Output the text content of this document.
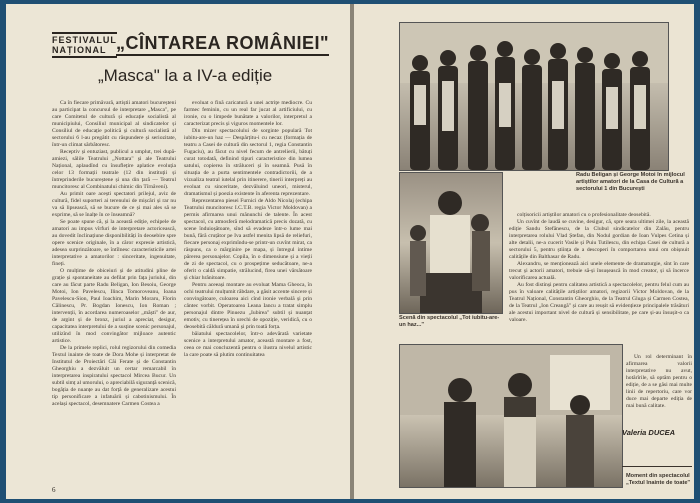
FESTIVALUL
NAȚIONAL „CÎNTAREA ROMÂNIEI"
„Masca" la a IV-a ediție

Ca în fiecare primăvară, artiștii amatori bucureșteni au participat la concursul de interpretare „Masca", pe care Comitetul de cultură și educație socialistă al municipiului, Consiliul municipal al sindicatelor și Consiliul de educație politică și cultură socialistă al sectorului 6 l-au pregătit cu răspundere și seriozitate, într-un climat sărbătoresc.

Receptiv și entuziast, publicul a umplut, trei după-amiezi, sălile Teatrului „Nottara" și ale Teatrului Național, aplaudînd cu însuflețire aplatice evoluția celor 13 formații teatrale (12 din instituții și întreprinderile bucureștene și una din țară — Teatrul muncitoresc al Combinatului chimic din Tîrnăveni).

Au primit oare acești spectatori prilejul, aviz de cultură, fidel suporteri ai terenului de mișcări și rar nu va să lipsească, să se bucure de ce și mai ales să se exprime, să se înalțe în ce înseamnă?

Se poate spune că, și la această ediție, echipele de amatori au impus vîrfuri de interpretare actoricească, au dovedit înclinațiune disponibilități în deosebire spre opere scenice originale, în a căror expresie artistică, adesea surprinzătoare, se întîlnesc caracteristicile artei interpretative a amatorilor : sinceritate, ingenuitate, fineți.

O mulțime de obiceiuri și de atitudini pline de grație și spontaneitate au defilat prin fața juriului, din care au făcut parte Radu Beligan, Ion Besoiu, George Motoi, Ion Pavelescu, Ilinca Tomoroveanu, Ioana Pavelescu-Sion, Paul Ioachim, Marin Moraru, Florin Călinescu, Pr. Bogdan Ionescu, Ion Roman ; intervenții, în acordarea numeroaselor „măști" de aur, de argint și de bronz, juriul a apreciat, desigur, capacitatea interpretului de a susține scenic personajul, utilizînd în mod convingător mijloace autentic artistice.

De la primele replici, rolul regizorului din comedia Textul inainte de toate de Dora Mohe și interpretat de Institutul de Proiectări Căi Ferate și de Constantin Gheorghiu a dezvăluit un certar remarcabil în interpretarea inspiratului spectacol Mircea Bucur. Un subtil simț al umorului, o apreciabilă siguranță scenică, bogăția de nuanțe au dat forță de generalizare acestui tip personificare a infatuării și cabotinismului. În același spectacol, desemnatere Carmen Costea a

evoluat o fină caricatură a unei actrițe mediocre. Cu farmec feminin, cu un real far jucat al artificiului, cu ironie, cu o limpede bunătate a valorilor, interpretul a caracterizat precis și viguros momentele lor.

Din mizer spectacolului de sorginte populară Tot iubitu-are-un haz — Despărțitu-i cu necaz (formația de teatru a Casei de cultură din sectorul 1, regia Constantin Fugaciu), au făcut cu nivel fecum de antrelierii, bătuți curat totodată, definind tipuri caracteristice din lumea satului, copierea în străluceri și în seamnă. Pusă în situația de a purta sentimentele contradictoriii, de a vizualiza teatral iutelal prin itinerere, tinerii interpreți au evoluat cu sinceritate, dezvăluind uneori, misterul, dramatismul și poezia existente în aferenta reprezentare.

Reprezentarea piesei Furnici de Aldo Nicolaj (echipa Teatrului muncitoresc I.C.T.B. regia Victor Moldovan) a permis afirmarea unui mănunchi de talente. În acest spectacol, cu atmosferă melodramatică precis dozată, cu scene înduioșătoare, sînd să evadeze într-o lume mai bună, fără cruțător pe Iva astfel menita lipsă de reliefuri, fiecare personaj exprimîndu-se printr-un cuvînt mirat, ca răspuns, ca o mărginire pe mapa, și întregul intime părerea personajelor. Copila, în o dimensiune și a vieții de zi de spectacol, cu o prospețime seducătoare, ne-a oferit o caldă simpatie, strălucind, firea unei vărsătoare și chiar hrănitoare.

Pentru aceeași montare au evoluat Mama Gheoca, în ochi teatrului mulțumit răbdare, a găsit accente sincere și convingătoare, culoarea aici cînd ironie verbală și prin cântec vorbit. Operatoarea Leana Iancu a tratat simplu personajul dintre Pinuezu „Iubirea" subtil și nuanțat emotiv, cu tinerețea în urechi de opoziție, veridică, cu o deosebită căldură umană și prin toată forța.

băiatului spectacolelor, într-o adevărată varietate scenice a interpretului amator, această montare a fost, ceea ce mai concluzentă pentru o ilustra nivelul artistic la care poate să plutim continuitatea

6
Radu Beligan și George Motoi în mijlocul artiștilor amatori de la Casa de Cultură a sectorului 1 din București
Scenă din spectacolul „Tot iubitu-are-un haz..."

colțisoricii artiștilor amatori cu o profesionalitate deosebită.

Un cuvînt de laudă se cuvine, desigur, că, spre seara ultimei zile, la această ediție Sandu Stefănescu, de la Clubul sindicatelor din Zalău, pentru interpretarea rolului Vlad Ștefan, din Nodul gordian de Ioan Vulpes Cetina și alte detalii, ne-a cucerit Vasile și Puiu Tutilescu, din echipa Casei de cultură a sectorului 5, pentru știința de a descoperi în comportarea unui om obișnuit calitățile din Balthasar de Radu.

Alexandru, se menționează aici unele elemente de dramaturgie, sînt în care trecut și actorii amatori, trebuie să-și însușească în mod creator, și să încerce valorificarea actuală.

Au fost distinși pentru calitatea artistică a spectacolelor, pentru felul cum au pus în valoare calitățile artiștilor amatori, regizorii Victor Moldovan, de la Teatrul Național, Constantin Gheorghiu, de la Teatrul Gluga și Carmen Costea, de la Teatrul „Ion Creangă" și care au reușit să evidențieze principalele trăsături ale acestui important nivel de cultură și sensibilitate, pe care și-au însușit-o ca valoare.

Un rol determinant în afirmarea valorii interpretative nu avut, hotărîrile, să optăm pentru o ediție, de a se găsi mai multe linii de repertoriu, care vor duce mai departe ediția de mai bună calitate.

Valeria DUCEA
Moment din spectacolul „Textul înainte de toate"
